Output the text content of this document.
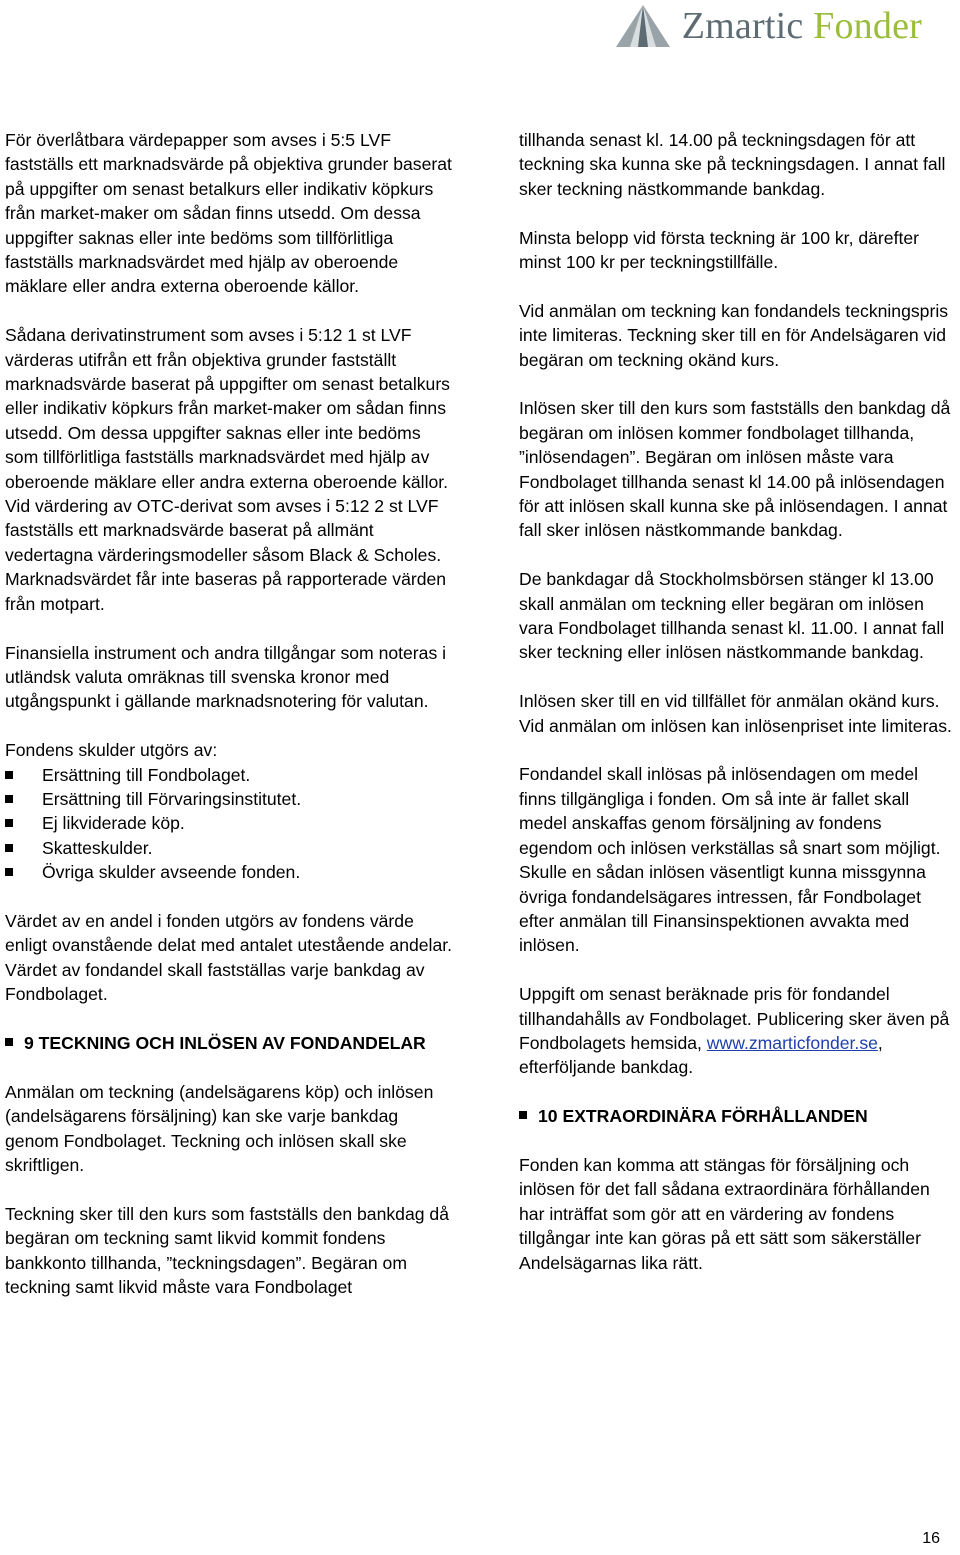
Zmartic Fonder

För överlåtbara värdepapper som avses i 5:5 LVF fastställs ett marknadsvärde på objektiva grunder baserat på uppgifter om senast betalkurs eller indikativ köpkurs från market-maker om sådan finns utsedd. Om dessa uppgifter saknas eller inte bedöms som tillförlitliga fastställs marknadsvärdet med hjälp av oberoende mäklare eller andra externa oberoende källor.

Sådana derivatinstrument som avses i 5:12 1 st LVF värderas utifrån ett från objektiva grunder fastställt marknadsvärde baserat på uppgifter om senast betalkurs eller indikativ köpkurs från market-maker om sådan finns utsedd. Om dessa uppgifter saknas eller inte bedöms som tillförlitliga fastställs marknadsvärdet med hjälp av oberoende mäklare eller andra externa oberoende källor. Vid värdering av OTC-derivat som avses i 5:12 2 st LVF fastställs ett marknadsvärde baserat på allmänt vedertagna värderingsmodeller såsom Black & Scholes. Marknadsvärdet får inte baseras på rapporterade värden från motpart.

Finansiella instrument och andra tillgångar som noteras i utländsk valuta omräknas till svenska kronor med utgångspunkt i gällande marknadsnotering för valutan.

Fondens skulder utgörs av:

Ersättning till Fondbolaget.
Ersättning till Förvaringsinstitutet.
Ej likviderade köp.
Skatteskulder.
Övriga skulder avseende fonden.

Värdet av en andel i fonden utgörs av fondens värde enligt ovanstående delat med antalet utestående andelar. Värdet av fondandel skall fastställas varje bankdag av Fondbolaget.

9 TECKNING OCH INLÖSEN AV FONDANDELAR

Anmälan om teckning (andelsägarens köp) och inlösen (andelsägarens försäljning) kan ske varje bankdag genom Fondbolaget. Teckning och inlösen skall ske skriftligen.

Teckning sker till den kurs som fastställs den bankdag då begäran om teckning samt likvid kommit fondens bankkonto tillhanda, ”teckningsdagen”. Begäran om teckning samt likvid måste vara Fondbolaget

tillhanda senast kl. 14.00 på teckningsdagen för att teckning ska kunna ske på teckningsdagen. I annat fall sker teckning nästkommande bankdag.

Minsta belopp vid första teckning är 100 kr, därefter minst 100 kr per teckningstillfälle.

Vid anmälan om teckning kan fondandels teckningspris inte limiteras. Teckning sker till en för Andelsägaren vid begäran om teckning okänd kurs.

Inlösen sker till den kurs som fastställs den bankdag då begäran om inlösen kommer fondbolaget tillhanda, ”inlösendagen”. Begäran om inlösen måste vara Fondbolaget tillhanda senast kl 14.00 på inlösendagen för att inlösen skall kunna ske på inlösendagen. I annat fall sker inlösen nästkommande bankdag.

De bankdagar då Stockholmsbörsen stänger kl 13.00 skall anmälan om teckning eller begäran om inlösen vara Fondbolaget tillhanda senast kl. 11.00. I annat fall sker teckning eller inlösen nästkommande bankdag.

Inlösen sker till en vid tillfället för anmälan okänd kurs. Vid anmälan om inlösen kan inlösenpriset inte limiteras.

Fondandel skall inlösas på inlösendagen om medel finns tillgängliga i fonden. Om så inte är fallet skall medel anskaffas genom försäljning av fondens egendom och inlösen verkställas så snart som möjligt. Skulle en sådan inlösen väsentligt kunna missgynna övriga fondandelsägares intressen, får Fondbolaget efter anmälan till Finansinspektionen avvakta med inlösen.

Uppgift om senast beräknade pris för fondandel tillhandahålls av Fondbolaget. Publicering sker även på Fondbolagets hemsida, www.zmarticfonder.se, efterföljande bankdag.

10 EXTRAORDINÄRA FÖRHÅLLANDEN

Fonden kan komma att stängas för försäljning och inlösen för det fall sådana extraordinära förhållanden har inträffat som gör att en värdering av fondens tillgångar inte kan göras på ett sätt som säkerställer Andelsägarnas lika rätt.

16
